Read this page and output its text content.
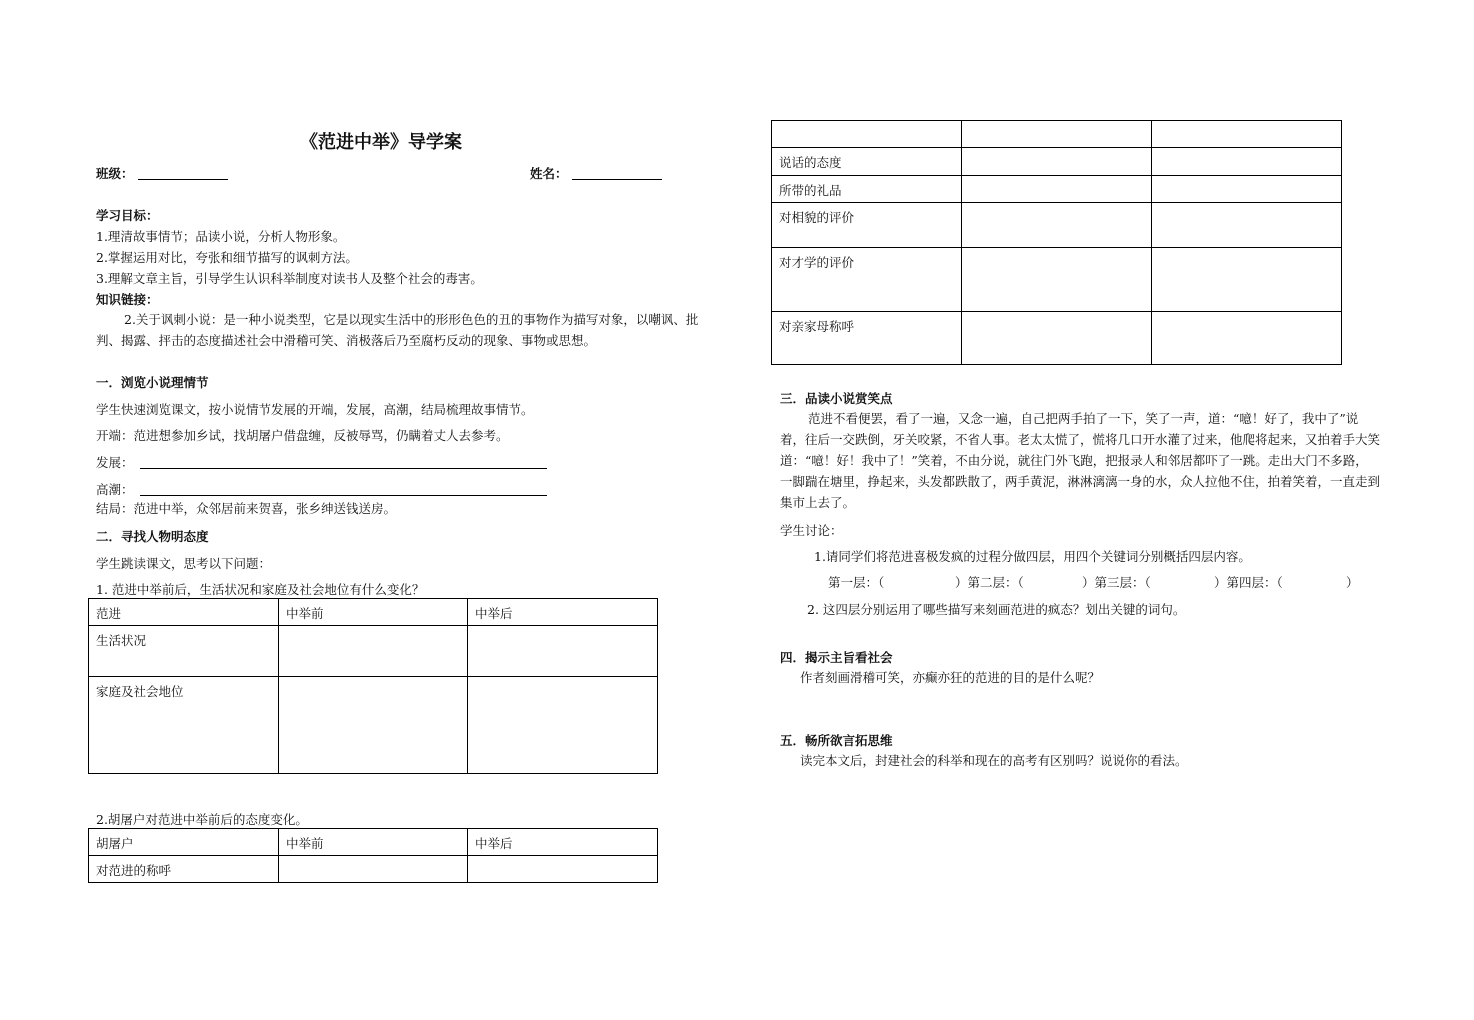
《范进中举》导学案
班级：	姓名：
学习目标：
1.理清故事情节；品读小说，分析人物形象。
2.掌握运用对比，夸张和细节描写的讽刺方法。
3.理解文章主旨，引导学生认识科举制度对读书人及整个社会的毒害。
知识链接：
2.关于讽刺小说：是一种小说类型，它是以现实生活中的形形色色的丑的事物作为描写对象，以嘲讽、批判、揭露、抨击的态度描述社会中滑稽可笑、消极落后乃至腐朽反动的现象、事物或思想。
一．浏览小说理情节
学生快速浏览课文，按小说情节发展的开端，发展，高潮，结局梳理故事情节。
开端：范进想参加乡试，找胡屠户借盘缠，反被辱骂，仍瞒着丈人去参考。
发展：
高潮：
结局：范进中举，众邻居前来贺喜，张乡绅送钱送房。
二．寻找人物明态度
学生跳读课文，思考以下问题：
1. 范进中举前后，生活状况和家庭及社会地位有什么变化？
范进	中举前	中举后
生活状况		
家庭及社会地位		
2.胡屠户对范进中举前后的态度变化。
胡屠户	中举前	中举后
对范进的称呼		

说话的态度		
所带的礼品		
对相貌的评价		
对才学的评价		
对亲家母称呼		
三．品读小说赏笑点
范进不看便罢，看了一遍，又念一遍，自己把两手拍了一下，笑了一声，道：“噫！好了，我中了”说着，往后一交跌倒，牙关咬紧，不省人事。老太太慌了，慌将几口开水灌了过来，他爬将起来，又拍着手大笑道：“噫！好！我中了！”笑着，不由分说，就往门外飞跑，把报录人和邻居都吓了一跳。走出大门不多路，一脚踹在塘里，挣起来，头发都跌散了，两手黄泥，淋淋漓漓一身的水，众人拉他不住，拍着笑着，一直走到集市上去了。
学生讨论：
1.请同学们将范进喜极发疯的过程分做四层，用四个关键词分别概括四层内容。
第一层：（	）第二层：（	）第三层：（	）第四层：（	）
2. 这四层分别运用了哪些描写来刻画范进的疯态？划出关键的词句。
四．揭示主旨看社会
作者刻画滑稽可笑，亦癫亦狂的范进的目的是什么呢？
五．畅所欲言拓思维
读完本文后，封建社会的科举和现在的高考有区别吗？说说你的看法。
